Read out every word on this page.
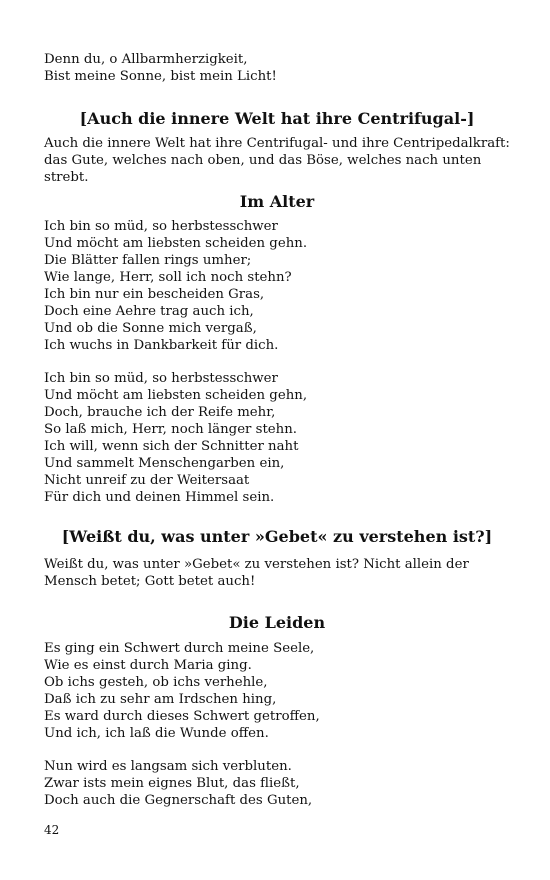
Denn du, o Allbarmherzigkeit,
Bist meine Sonne, bist mein Licht!
[Auch die innere Welt hat ihre Centrifugal-]
Auch die innere Welt hat ihre Centrifugal- und ihre Centripedalkraft: das Gute, welches nach oben, und das Böse, welches nach unten strebt.
Im Alter
Ich bin so müd, so herbstesschwer
Und möcht am liebsten scheiden gehn.
Die Blätter fallen rings umher;
Wie lange, Herr, soll ich noch stehn?
Ich bin nur ein bescheiden Gras,
Doch eine Aehre trag auch ich,
Und ob die Sonne mich vergaß,
Ich wuchs in Dankbarkeit für dich.
Ich bin so müd, so herbstesschwer
Und möcht am liebsten scheiden gehn,
Doch, brauche ich der Reife mehr,
So laß mich, Herr, noch länger stehn.
Ich will, wenn sich der Schnitter naht
Und sammelt Menschengarben ein,
Nicht unreif zu der Weitersaat
Für dich und deinen Himmel sein.
[Weißt du, was unter »Gebet« zu verstehen ist?]
Weißt du, was unter »Gebet« zu verstehen ist? Nicht allein der Mensch betet; Gott betet auch!
Die Leiden
Es ging ein Schwert durch meine Seele,
Wie es einst durch Maria ging.
Ob ichs gesteh, ob ichs verhehle,
Daß ich zu sehr am Irdschen hing,
Es ward durch dieses Schwert getroffen,
Und ich, ich laß die Wunde offen.
Nun wird es langsam sich verbluten.
Zwar ists mein eignes Blut, das fließt,
Doch auch die Gegnerschaft des Guten,
42
